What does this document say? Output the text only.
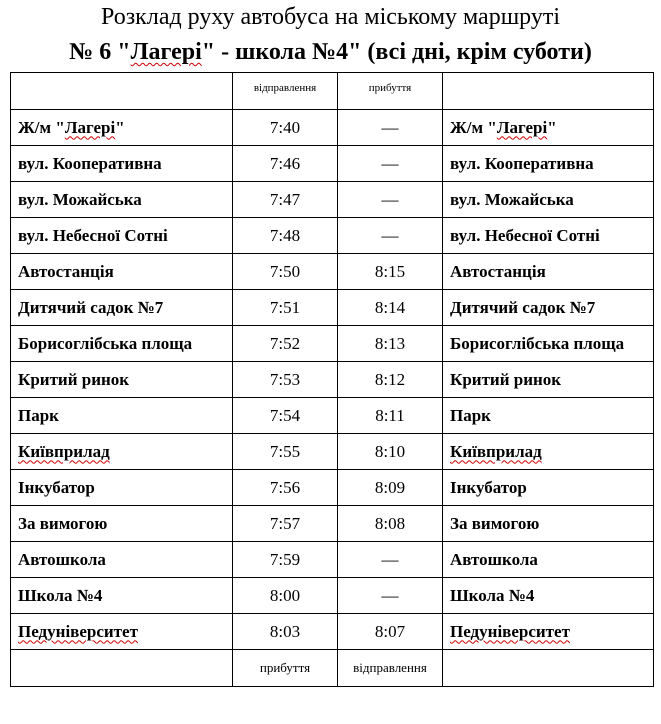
Розклад руху автобуса на міському маршруті
№ 6 "Лагері" - школа №4" (всі дні, крім суботи)
	відправлення	прибуття	
Ж/м "Лагері"	7:40	—	Ж/м "Лагері"
вул. Кооперативна	7:46	—	вул. Кооперативна
вул. Можайська	7:47	—	вул. Можайська
вул. Небесної Сотні	7:48	—	вул. Небесної Сотні
Автостанція	7:50	8:15	Автостанція
Дитячий садок №7	7:51	8:14	Дитячий садок №7
Борисоглібська площа	7:52	8:13	Борисоглібська площа
Критий ринок	7:53	8:12	Критий ринок
Парк	7:54	8:11	Парк
Київприлад	7:55	8:10	Київприлад
Інкубатор	7:56	8:09	Інкубатор
За вимогою	7:57	8:08	За вимогою
Автошкола	7:59	—	Автошкола
Школа №4	8:00	—	Школа №4
Педуніверситет	8:03	8:07	Педуніверситет
	прибуття	відправлення	
